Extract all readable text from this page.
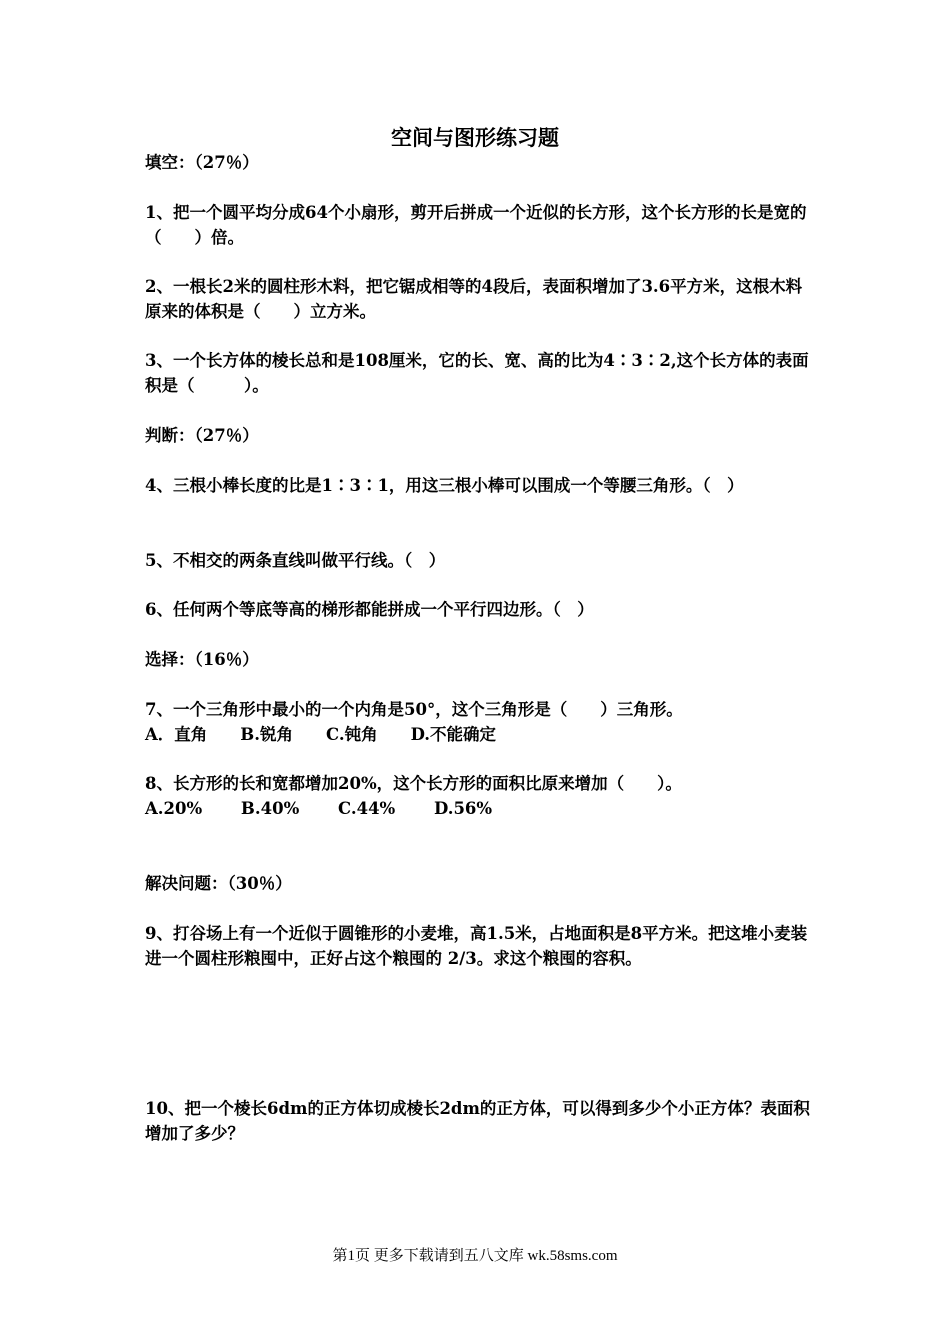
空间与图形练习题

填空：（27％）

1、把一个圆平均分成64个小扇形，剪开后拼成一个近似的长方形，这个长方形的长是宽的（　　）倍。

2、一根长2米的圆柱形木料，把它锯成相等的4段后，表面积增加了3.6平方米，这根木料原来的体积是（　　）立方米。

3、一个长方体的棱长总和是108厘米，它的长、宽、高的比为4∶3∶2,这个长方体的表面积是（　　　）。

判断：（27％）

4、三根小棒长度的比是1∶3∶1，用这三根小棒可以围成一个等腰三角形。（　）

5、不相交的两条直线叫做平行线。（　）

6、任何两个等底等高的梯形都能拼成一个平行四边形。（　）

选择：（16％）

7、一个三角形中最小的一个内角是50°，这个三角形是（　　）三角形。

A．直角　　B.锐角　　C.钝角　　D.不能确定

8、长方形的长和宽都增加20%，这个长方形的面积比原来增加（　　）。

A.20%　　 B.40%　　 C.44%　　 D.56%

解决问题：（30％）

9、打谷场上有一个近似于圆锥形的小麦堆，高1.5米，占地面积是8平方米。把这堆小麦装进一个圆柱形粮囤中，正好占这个粮囤的 2/3。求这个粮囤的容积。

10、把一个棱长6dm的正方体切成棱长2dm的正方体，可以得到多少个小正方体？表面积增加了多少？

第1页 更多下载请到五八文库 wk.58sms.com
